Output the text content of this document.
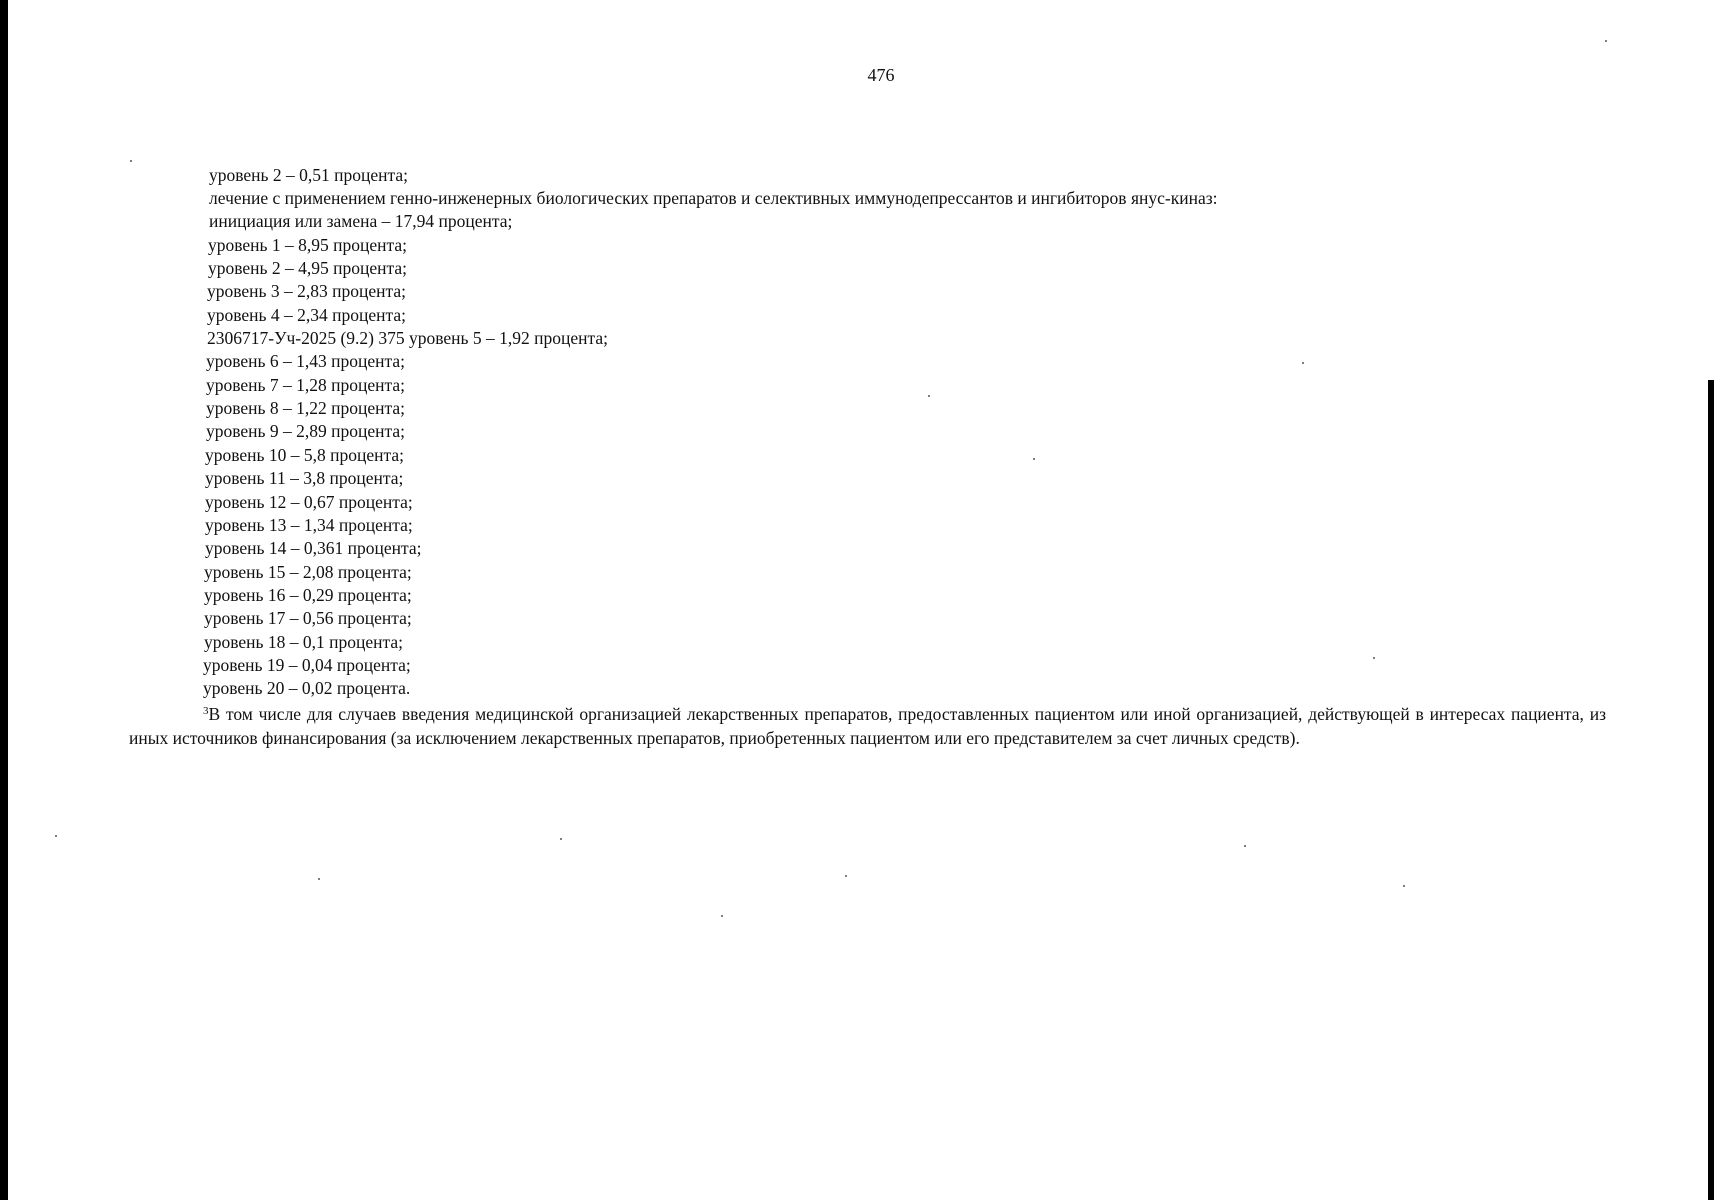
476
уровень 2 – 0,51 процента;
лечение с применением генно-инженерных биологических препаратов и селективных иммунодепрессантов и ингибиторов янус-киназ:
инициация или замена – 17,94 процента;
уровень 1 – 8,95 процента;
уровень 2 – 4,95 процента;
уровень 3 – 2,83 процента;
уровень 4 – 2,34 процента;
2306717-Уч-2025 (9.2) 375 уровень 5 – 1,92 процента;
уровень 6 – 1,43 процента;
уровень 7 – 1,28 процента;
уровень 8 – 1,22 процента;
уровень 9 – 2,89 процента;
уровень 10 – 5,8 процента;
уровень 11 – 3,8 процента;
уровень 12 – 0,67 процента;
уровень 13 – 1,34 процента;
уровень 14 – 0,361 процента;
уровень 15 – 2,08 процента;
уровень 16 – 0,29 процента;
уровень 17 – 0,56 процента;
уровень 18 – 0,1 процента;
уровень 19 – 0,04 процента;
уровень 20 – 0,02 процента.
$^3$В том числе для случаев введения медицинской организацией лекарственных препаратов, предоставленных пациентом или иной организацией, действующей в интересах пациента, из иных источников финансирования (за исключением лекарственных препаратов, приобретенных пациентом или его представителем за счет личных средств).
